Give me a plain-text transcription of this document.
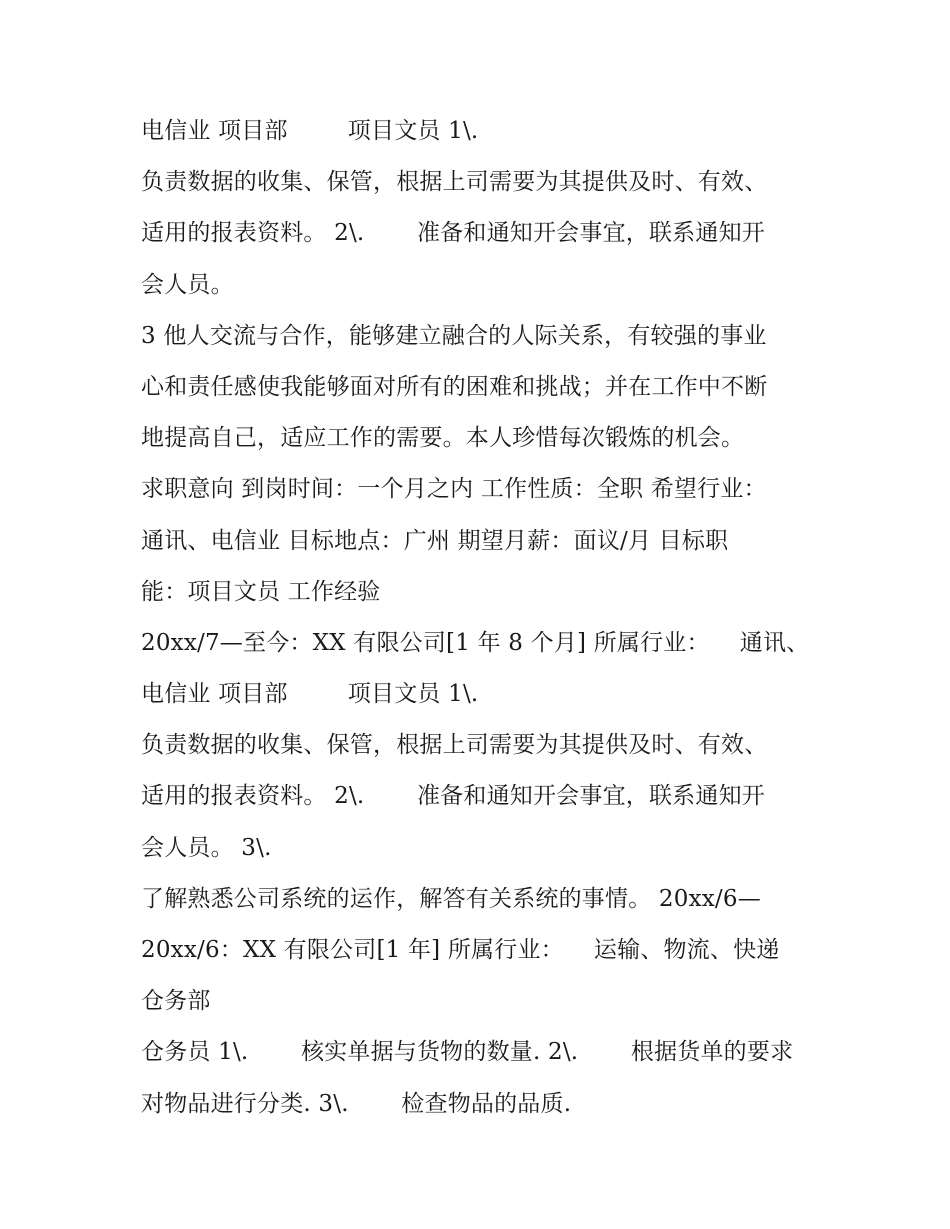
电信业 项目部        项目文员 1\.
负责数据的收集、保管，根据上司需要为其提供及时、有效、
适用的报表资料。 2\.       准备和通知开会事宜，联系通知开
会人员。
3 他人交流与合作，能够建立融合的人际关系，有较强的事业
心和责任感使我能够面对所有的困难和挑战；并在工作中不断
地提高自己，适应工作的需要。本人珍惜每次锻炼的机会。
求职意向 到岗时间：一个月之内 工作性质：全职 希望行业：
通讯、电信业 目标地点：广州 期望月薪：面议/月 目标职
能：项目文员 工作经验
20xx/7—至今：XX 有限公司[1 年 8 个月] 所属行业：    通讯、
电信业 项目部        项目文员 1\.
负责数据的收集、保管，根据上司需要为其提供及时、有效、
适用的报表资料。 2\.       准备和通知开会事宜，联系通知开
会人员。 3\.
了解熟悉公司系统的运作，解答有关系统的事情。 20xx/6—
20xx/6：XX 有限公司[1 年] 所属行业：    运输、物流、快递
仓务部
仓务员 1\.       核实单据与货物的数量. 2\.       根据货单的要求
对物品进行分类. 3\.       检查物品的品质.
